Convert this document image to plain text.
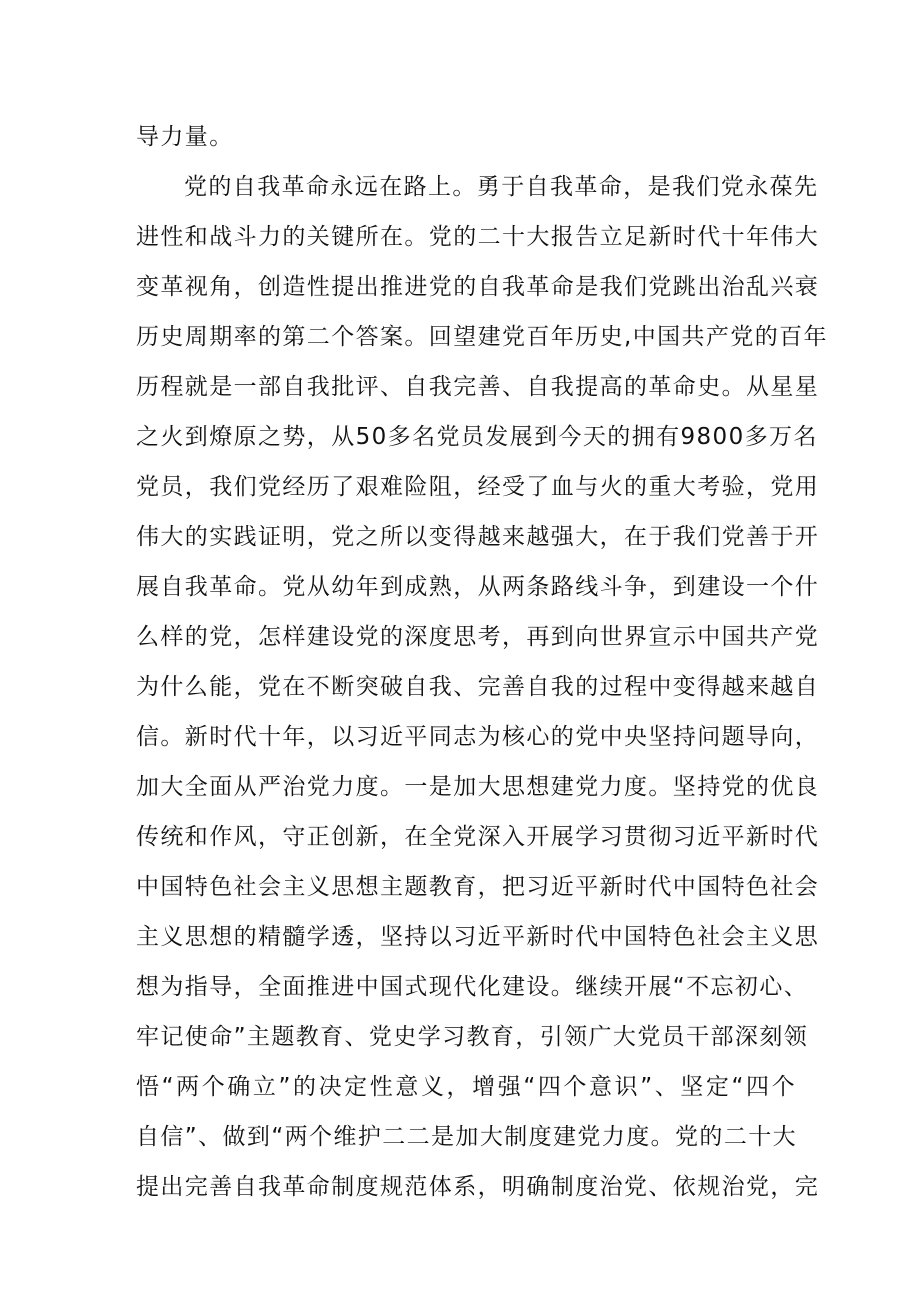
导力量。
党的自我革命永远在路上。勇于自我革命，是我们党永葆先
进性和战斗力的关键所在。党的二十大报告立足新时代十年伟大
变革视角，创造性提出推进党的自我革命是我们党跳出治乱兴衰
历史周期率的第二个答案。回望建党百年历史,中国共产党的百年
历程就是一部自我批评、自我完善、自我提高的革命史。从星星
之火到燎原之势，从50多名党员发展到今天的拥有9800多万名
党员，我们党经历了艰难险阻，经受了血与火的重大考验，党用
伟大的实践证明，党之所以变得越来越强大，在于我们党善于开
展自我革命。党从幼年到成熟，从两条路线斗争，到建设一个什
么样的党，怎样建设党的深度思考，再到向世界宣示中国共产党
为什么能，党在不断突破自我、完善自我的过程中变得越来越自
信。新时代十年，以习近平同志为核心的党中央坚持问题导向，
加大全面从严治党力度。一是加大思想建党力度。坚持党的优良
传统和作风，守正创新，在全党深入开展学习贯彻习近平新时代
中国特色社会主义思想主题教育，把习近平新时代中国特色社会
主义思想的精髓学透，坚持以习近平新时代中国特色社会主义思
想为指导，全面推进中国式现代化建设。继续开展“不忘初心、
牢记使命”主题教育、党史学习教育，引领广大党员干部深刻领
悟“两个确立”的决定性意义，增强“四个意识”、坚定“四个
自信”、做到“两个维护二二是加大制度建党力度。党的二十大
提出完善自我革命制度规范体系，明确制度治党、依规治党，完
